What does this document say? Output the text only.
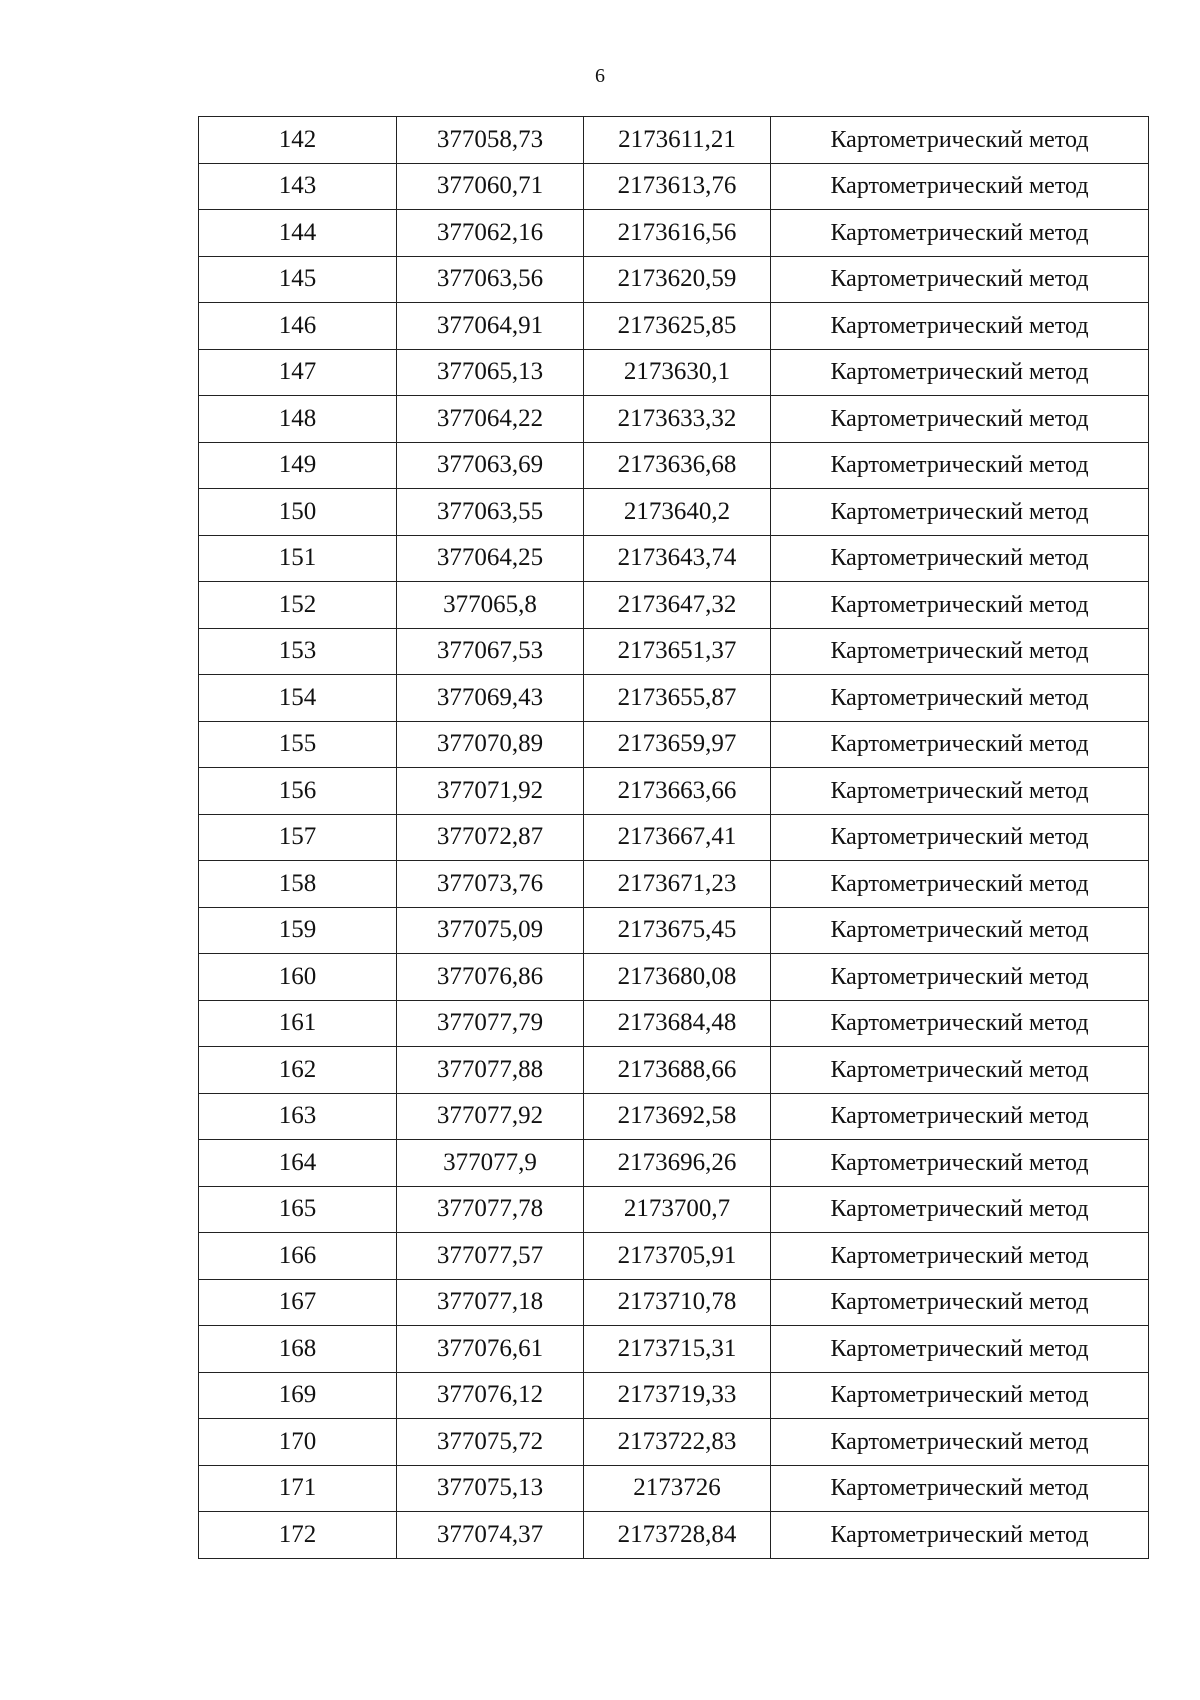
6
142	377058,73	2173611,21	Картометрический метод
143	377060,71	2173613,76	Картометрический метод
144	377062,16	2173616,56	Картометрический метод
145	377063,56	2173620,59	Картометрический метод
146	377064,91	2173625,85	Картометрический метод
147	377065,13	2173630,1	Картометрический метод
148	377064,22	2173633,32	Картометрический метод
149	377063,69	2173636,68	Картометрический метод
150	377063,55	2173640,2	Картометрический метод
151	377064,25	2173643,74	Картометрический метод
152	377065,8	2173647,32	Картометрический метод
153	377067,53	2173651,37	Картометрический метод
154	377069,43	2173655,87	Картометрический метод
155	377070,89	2173659,97	Картометрический метод
156	377071,92	2173663,66	Картометрический метод
157	377072,87	2173667,41	Картометрический метод
158	377073,76	2173671,23	Картометрический метод
159	377075,09	2173675,45	Картометрический метод
160	377076,86	2173680,08	Картометрический метод
161	377077,79	2173684,48	Картометрический метод
162	377077,88	2173688,66	Картометрический метод
163	377077,92	2173692,58	Картометрический метод
164	377077,9	2173696,26	Картометрический метод
165	377077,78	2173700,7	Картометрический метод
166	377077,57	2173705,91	Картометрический метод
167	377077,18	2173710,78	Картометрический метод
168	377076,61	2173715,31	Картометрический метод
169	377076,12	2173719,33	Картометрический метод
170	377075,72	2173722,83	Картометрический метод
171	377075,13	2173726	Картометрический метод
172	377074,37	2173728,84	Картометрический метод
